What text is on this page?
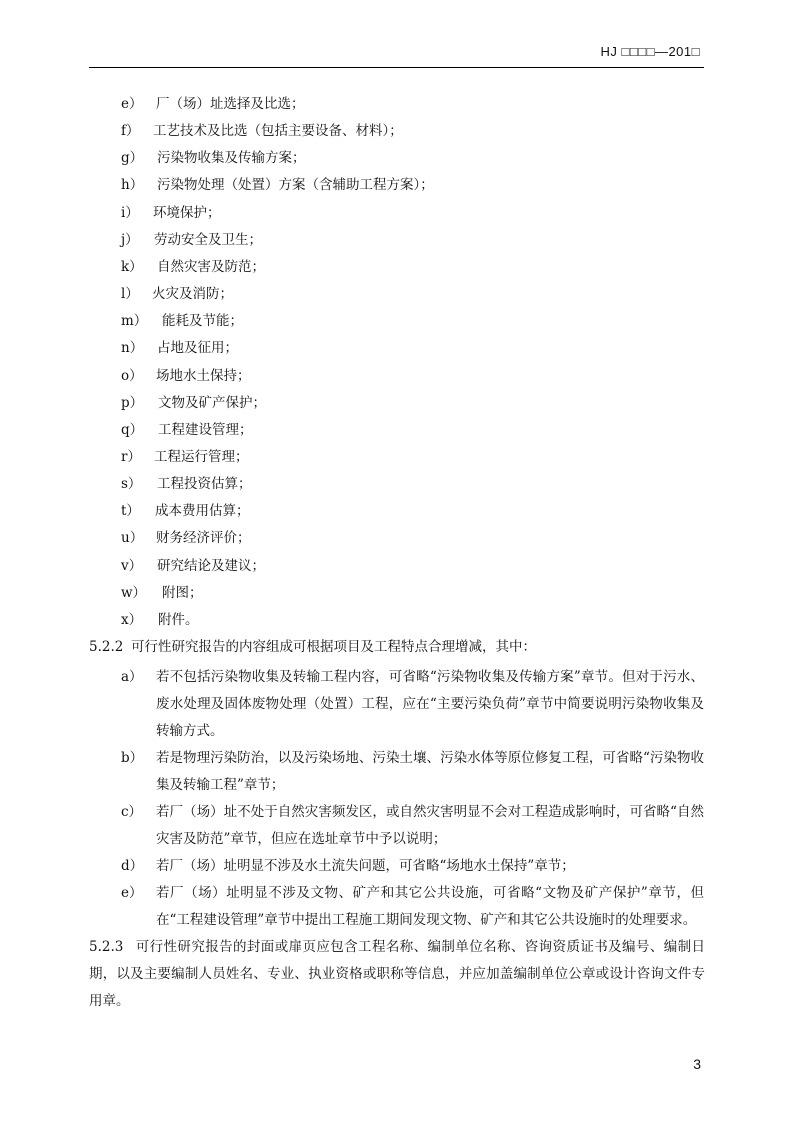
HJ □□□□—201□
5.2.2 可行性研究报告的内容组成可根据项目及工程特点合理增减，其中：
5.2.3 可行性研究报告的封面或扉页应包含工程名称、编制单位名称、咨询资质证书及编号、编制日期，以及主要编制人员姓名、专业、执业资格或职称等信息，并应加盖编制单位公章或设计咨询文件专用章。
3
e） 厂（场）址选择及比选；
f） 工艺技术及比选（包括主要设备、材料）；
g） 污染物收集及传输方案；
h） 污染物处理（处置）方案（含辅助工程方案）；
i） 环境保护；
j） 劳动安全及卫生；
k） 自然灾害及防范；
l） 火灾及消防；
m） 能耗及节能；
n） 占地及征用；
o） 场地水土保持；
p） 文物及矿产保护；
q） 工程建设管理；
r） 工程运行管理；
s） 工程投资估算；
t） 成本费用估算；
u） 财务经济评价；
v） 研究结论及建议；
w） 附图；
x） 附件。
a） 若不包括污染物收集及转输工程内容，可省略“污染物收集及传输方案”章节。但对于污水、废水处理及固体废物处理（处置）工程，应在“主要污染负荷”章节中简要说明污染物收集及转输方式。
b） 若是物理污染防治，以及污染场地、污染土壤、污染水体等原位修复工程，可省略“污染物收集及转输工程”章节；
c） 若厂（场）址不处于自然灾害频发区，或自然灾害明显不会对工程造成影响时，可省略“自然灾害及防范”章节，但应在选址章节中予以说明；
d） 若厂（场）址明显不涉及水土流失问题，可省略“场地水土保持”章节；
e） 若厂（场）址明显不涉及文物、矿产和其它公共设施，可省略“文物及矿产保护”章节，但在“工程建设管理”章节中提出工程施工期间发现文物、矿产和其它公共设施时的处理要求。
